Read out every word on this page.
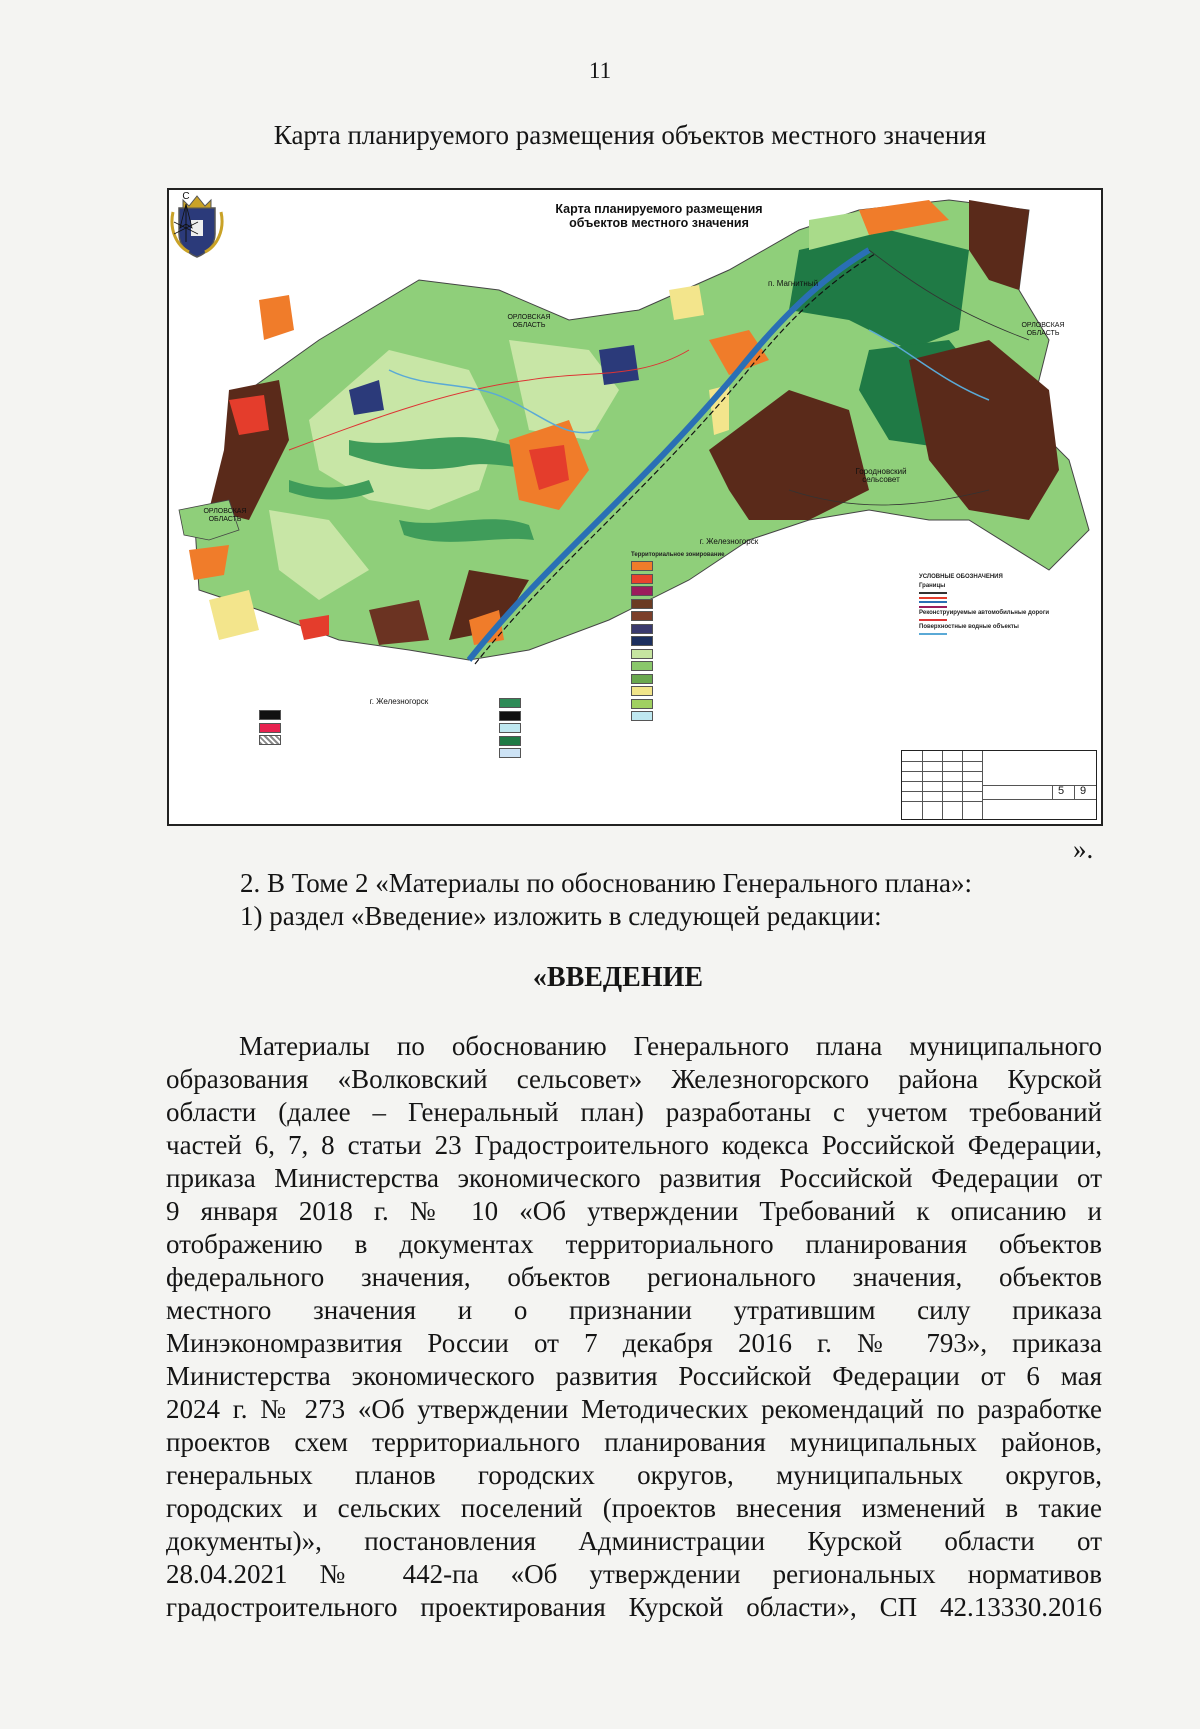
11
Карта планируемого размещения объектов местного значения
Карта планируемого размещения
объектов местного значения
С
ОРЛОВСКАЯ ОБЛАСТЬ
ОРЛОВСКАЯ ОБЛАСТЬ
ОРЛОВСКАЯ ОБЛАСТЬ
п. Магнитный
Городновский сельсовет
г. Железногорск
г. Железногорск
Территориальное зонирование
УСЛОВНЫЕ ОБОЗНАЧЕНИЯ
Границы
Реконструируемые автомобильные дороги
Поверхностные водные объекты
5 9
».
2. В Томе 2 «Материалы по обоснованию Генерального плана»:
1) раздел «Введение» изложить в следующей редакции:
«ВВЕДЕНИЕ
Материалы по обоснованию Генерального плана муниципального
образования «Волковский сельсовет» Железногорского района Курской
области (далее – Генеральный план) разработаны с учетом требований
частей 6, 7, 8 статьи 23 Градостроительного кодекса Российской Федерации,
приказа Министерства экономического развития Российской Федерации от
9 января 2018 г. № 10 «Об утверждении Требований к описанию и
отображению в документах территориального планирования объектов
федерального значения, объектов регионального значения, объектов
местного значения и о признании утратившим силу приказа
Минэкономразвития России от 7 декабря 2016 г. № 793», приказа
Министерства экономического развития Российской Федерации от 6 мая
2024 г. № 273 «Об утверждении Методических рекомендаций по разработке
проектов схем территориального планирования муниципальных районов,
генеральных планов городских округов, муниципальных округов,
городских и сельских поселений (проектов внесения изменений в такие
документы)», постановления Администрации Курской области от
28.04.2021 № 442-па «Об утверждении региональных нормативов
градостроительного проектирования Курской области», СП 42.13330.2016
